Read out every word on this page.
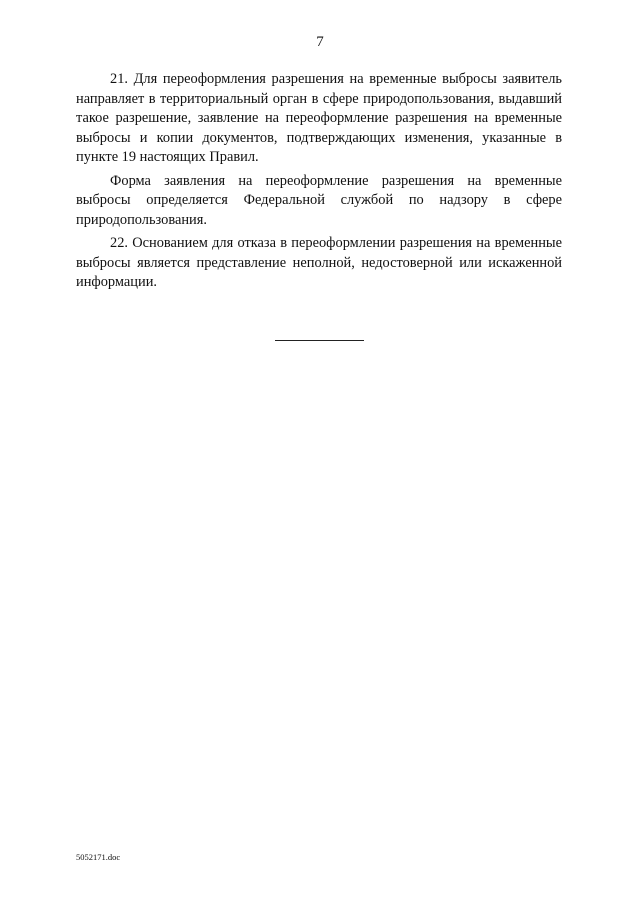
7

21. Для переоформления разрешения на временные выбросы заявитель направляет в территориальный орган в сфере природопользования, выдавший такое разрешение, заявление на переоформление разрешения на временные выбросы и копии документов, подтверждающих изменения, указанные в пункте 19 настоящих Правил.

Форма заявления на переоформление разрешения на временные выбросы определяется Федеральной службой по надзору в сфере природопользования.

22. Основанием для отказа в переоформлении разрешения на временные выбросы является представление неполной, недостоверной или искаженной информации.

5052171.doc
